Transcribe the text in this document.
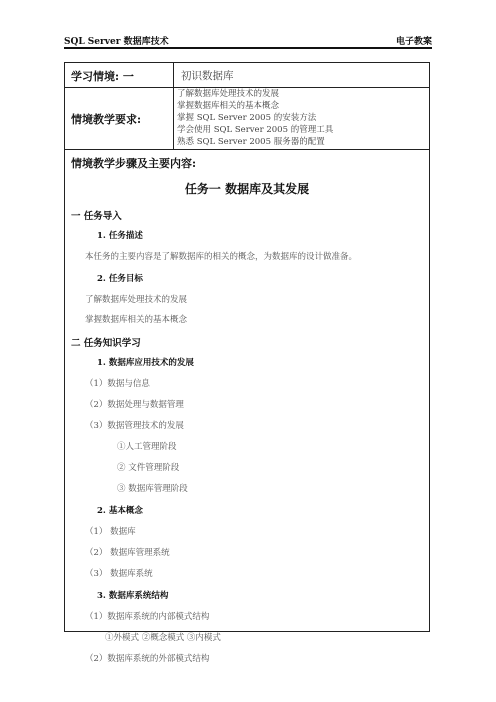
SQL Server 数据库技术	电子教案
学习情境: 一	初识数据库
情境教学要求:
了解数据库处理技术的发展
掌握数据库相关的基本概念
掌握 SQL Server 2005 的安装方法
学会使用 SQL Server 2005 的管理工具
熟悉 SQL Server 2005 服务器的配置
情境教学步骤及主要内容:
任务一 数据库及其发展
一 任务导入
1. 任务描述
本任务的主要内容是了解数据库的相关的概念，为数据库的设计做准备。
2. 任务目标
了解数据库处理技术的发展
掌握数据库相关的基本概念
二 任务知识学习
1. 数据库应用技术的发展
（1）数据与信息
（2）数据处理与数据管理
（3）数据管理技术的发展
①人工管理阶段
② 文件管理阶段
③ 数据库管理阶段
2. 基本概念
（1） 数据库
（2） 数据库管理系统
（3） 数据库系统
3. 数据库系统结构
（1）数据库系统的内部模式结构
①外模式 ②概念模式 ③内模式
（2）数据库系统的外部模式结构
